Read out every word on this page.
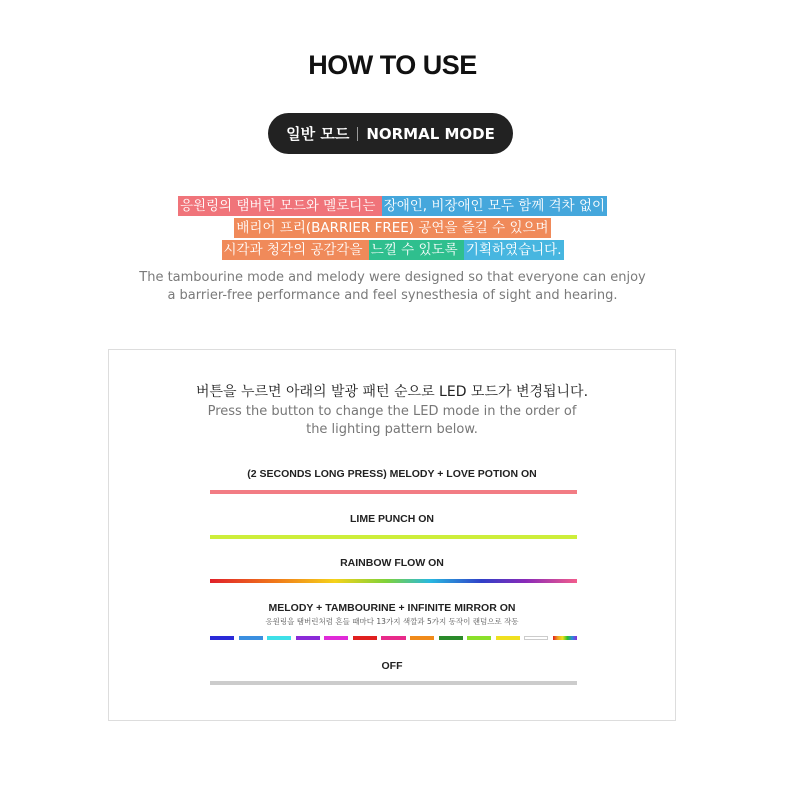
HOW TO USE
일반 모드 NORMAL MODE
응원링의 탬버린 모드와 멜로디는 장애인, 비장애인 모두 함께 격차 없이
배리어 프리(BARRIER FREE) 공연을 즐길 수 있으며
시각과 청각의 공감각을 느낄 수 있도록 기획하였습니다.
The tambourine mode and melody were designed so that everyone can enjoy
a barrier-free performance and feel synesthesia of sight and hearing.
버튼을 누르면 아래의 발광 패턴 순으로 LED 모드가 변경됩니다.
Press the button to change the LED mode in the order of
the lighting pattern below.
(2 SECONDS LONG PRESS) MELODY + LOVE POTION ON
LIME PUNCH ON
RAINBOW FLOW ON
MELODY + TAMBOURINE + INFINITE MIRROR ON
응원링을 탬버린처럼 흔들 때마다 13가지 색깔과 5가지 동작이 랜덤으로 작동
OFF
